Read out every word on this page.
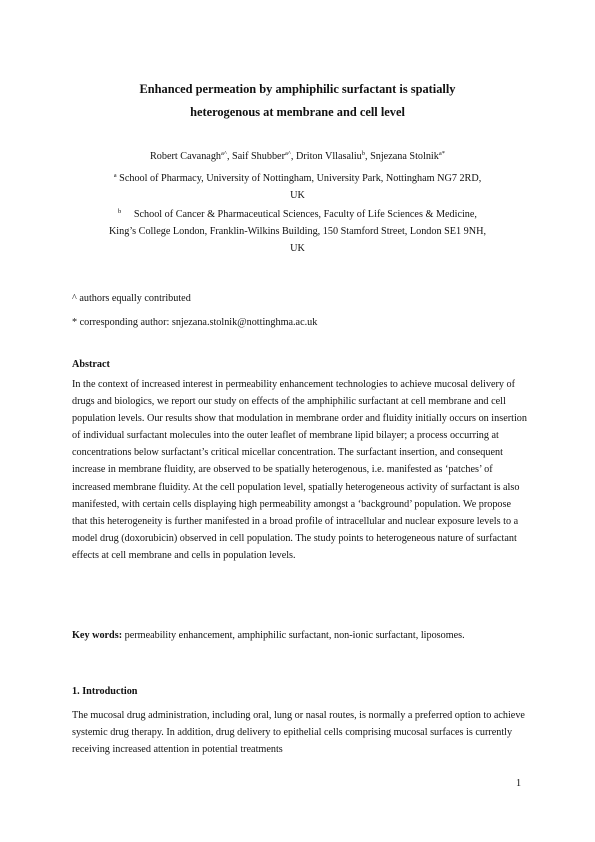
Enhanced permeation by amphiphilic surfactant is spatially
heterogenous at membrane and cell level
Robert Cavanagh$^{a\^{}}$, Saif Shubber$^{a\^{}}$, Driton Vllasaliu$^b$, Snjezana Stolnik$^{a*}$
$^a$ School of Pharmacy, University of Nottingham, University Park, Nottingham NG7 2RD,
UK
$^b$ School of Cancer & Pharmaceutical Sciences, Faculty of Life Sciences & Medicine,
King’s College London, Franklin-Wilkins Building, 150 Stamford Street, London SE1 9NH,
UK
^ authors equally contributed
* corresponding author: snjezana.stolnik@nottinghma.ac.uk
Abstract

In the context of increased interest in permeability enhancement technologies to achieve mucosal delivery of drugs and biologics, we report our study on effects of the amphiphilic surfactant at cell membrane and cell population levels. Our results show that modulation in membrane order and fluidity initially occurs on insertion of individual surfactant molecules into the outer leaflet of membrane lipid bilayer; a process occurring at concentrations below surfactant’s critical micellar concentration. The surfactant insertion, and consequent increase in membrane fluidity, are observed to be spatially heterogenous, i.e. manifested as ‘patches’ of increased membrane fluidity. At the cell population level, spatially heterogeneous activity of surfactant is also manifested, with certain cells displaying high permeability amongst a ‘background’ population. We propose that this heterogeneity is further manifested in a broad profile of intracellular and nuclear exposure levels to a model drug (doxorubicin) observed in cell population. The study points to heterogeneous nature of surfactant effects at cell membrane and cells in population levels.

Key words: permeability enhancement, amphiphilic surfactant, non-ionic surfactant, liposomes.

1. Introduction

The mucosal drug administration, including oral, lung or nasal routes, is normally a preferred option to achieve systemic drug therapy. In addition, drug delivery to epithelial cells comprising mucosal surfaces is currently receiving increased attention in potential treatments

1
